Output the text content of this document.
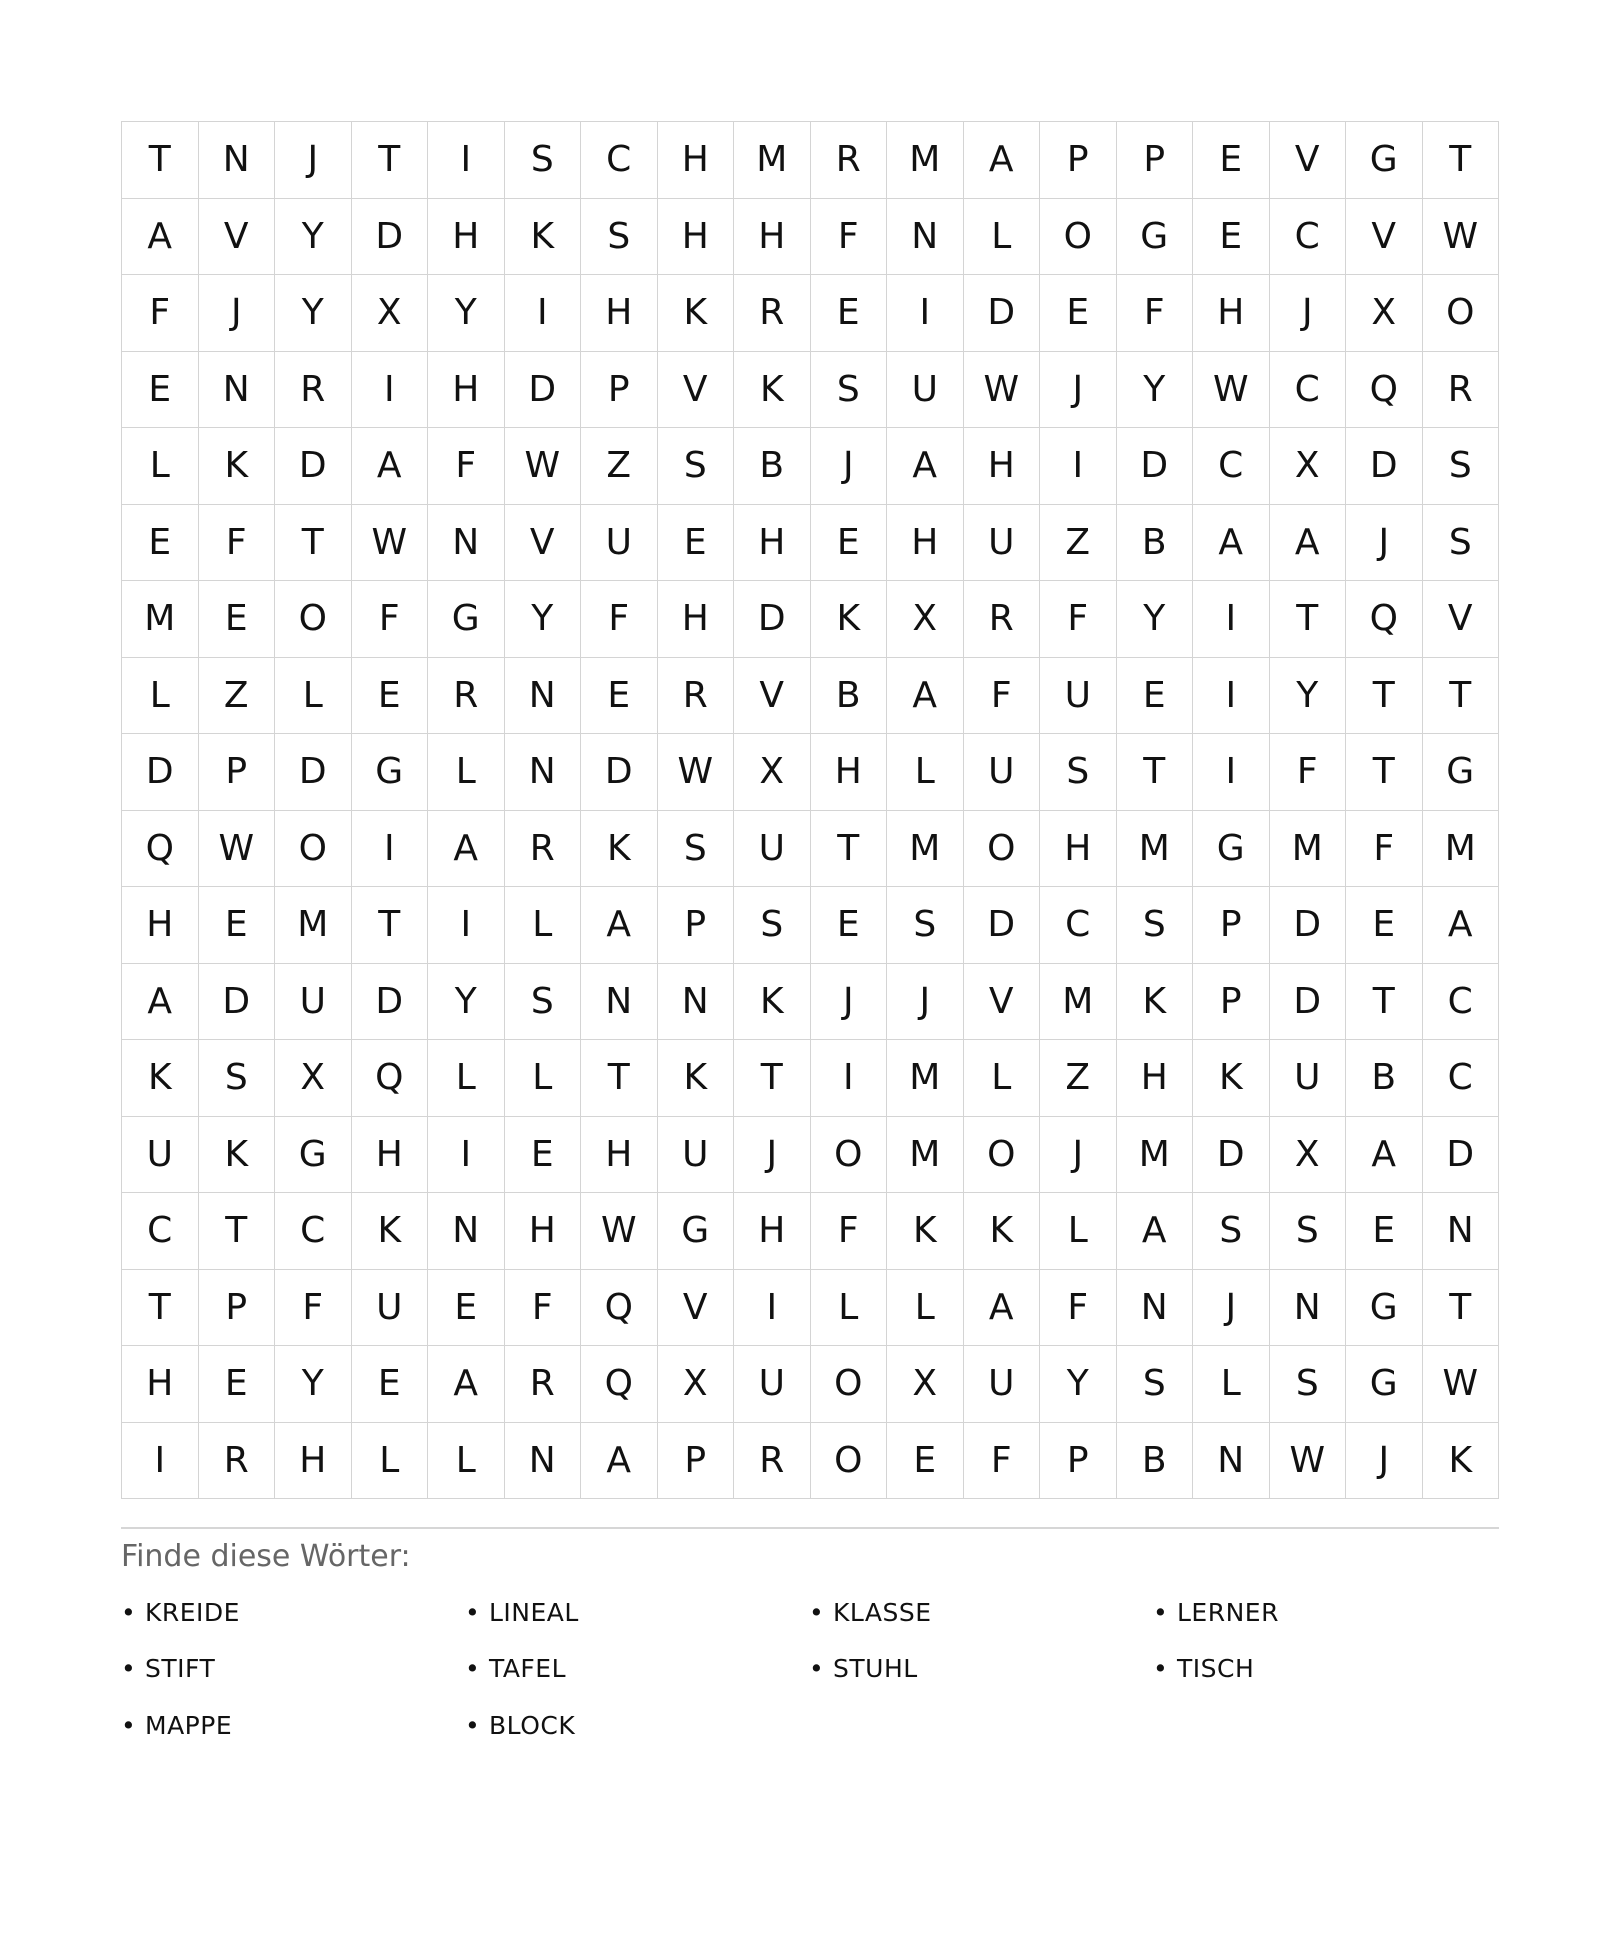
T	N	J	T	I	S	C	H	M	R	M	A	P	P	E	V	G	T
A	V	Y	D	H	K	S	H	H	F	N	L	O	G	E	C	V	W
F	J	Y	X	Y	I	H	K	R	E	I	D	E	F	H	J	X	O
E	N	R	I	H	D	P	V	K	S	U	W	J	Y	W	C	Q	R
L	K	D	A	F	W	Z	S	B	J	A	H	I	D	C	X	D	S
E	F	T	W	N	V	U	E	H	E	H	U	Z	B	A	A	J	S
M	E	O	F	G	Y	F	H	D	K	X	R	F	Y	I	T	Q	V
L	Z	L	E	R	N	E	R	V	B	A	F	U	E	I	Y	T	T
D	P	D	G	L	N	D	W	X	H	L	U	S	T	I	F	T	G
Q	W	O	I	A	R	K	S	U	T	M	O	H	M	G	M	F	M
H	E	M	T	I	L	A	P	S	E	S	D	C	S	P	D	E	A
A	D	U	D	Y	S	N	N	K	J	J	V	M	K	P	D	T	C
K	S	X	Q	L	L	T	K	T	I	M	L	Z	H	K	U	B	C
U	K	G	H	I	E	H	U	J	O	M	O	J	M	D	X	A	D
C	T	C	K	N	H	W	G	H	F	K	K	L	A	S	S	E	N
T	P	F	U	E	F	Q	V	I	L	L	A	F	N	J	N	G	T
H	E	Y	E	A	R	Q	X	U	O	X	U	Y	S	L	S	G	W
I	R	H	L	L	N	A	P	R	O	E	F	P	B	N	W	J	K
Finde diese Wörter:
• KREIDE	• LINEAL	• KLASSE	• LERNER
• STIFT	• TAFEL	• STUHL	• TISCH
• MAPPE	• BLOCK
